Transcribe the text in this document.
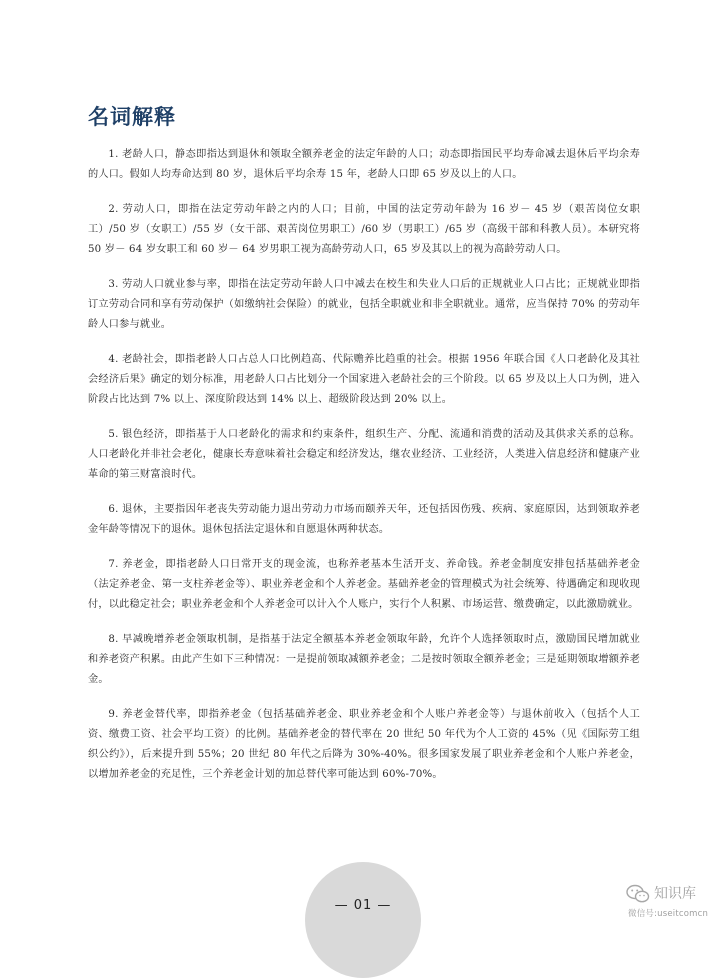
名词解释

1. 老龄人口，静态即指达到退休和领取全额养老金的法定年龄的人口；动态即指国民平均寿命减去退休后平均余寿的人口。假如人均寿命达到 80 岁，退休后平均余寿 15 年，老龄人口即 65 岁及以上的人口。

2. 劳动人口，即指在法定劳动年龄之内的人口；目前，中国的法定劳动年龄为 16 岁－ 45 岁（艰苦岗位女职工）/50 岁（女职工）/55 岁（女干部、艰苦岗位男职工）/60 岁（男职工）/65 岁（高级干部和科教人员）。本研究将 50 岁－ 64 岁女职工和 60 岁－ 64 岁男职工视为高龄劳动人口，65 岁及其以上的视为高龄劳动人口。

3. 劳动人口就业参与率，即指在法定劳动年龄人口中减去在校生和失业人口后的正规就业人口占比；正规就业即指订立劳动合同和享有劳动保护（如缴纳社会保险）的就业，包括全职就业和非全职就业。通常，应当保持 70% 的劳动年龄人口参与就业。

4. 老龄社会，即指老龄人口占总人口比例趋高、代际赡养比趋重的社会。根据 1956 年联合国《人口老龄化及其社会经济后果》确定的划分标准，用老龄人口占比划分一个国家进入老龄社会的三个阶段。以 65 岁及以上人口为例，进入阶段占比达到 7% 以上、深度阶段达到 14% 以上、超级阶段达到 20% 以上。

5. 银色经济，即指基于人口老龄化的需求和约束条件，组织生产、分配、流通和消费的活动及其供求关系的总称。人口老龄化并非社会老化，健康长寿意味着社会稳定和经济发达，继农业经济、工业经济，人类进入信息经济和健康产业革命的第三财富浪时代。

6. 退休，主要指因年老丧失劳动能力退出劳动力市场而颐养天年，还包括因伤残、疾病、家庭原因，达到领取养老金年龄等情况下的退休。退休包括法定退休和自愿退休两种状态。

7. 养老金，即指老龄人口日常开支的现金流，也称养老基本生活开支、养命钱。养老金制度安排包括基础养老金（法定养老金、第一支柱养老金等）、职业养老金和个人养老金。基础养老金的管理模式为社会统筹、待遇确定和现收现付，以此稳定社会；职业养老金和个人养老金可以计入个人账户，实行个人积累、市场运营、缴费确定，以此激励就业。

8. 早减晚增养老金领取机制，是指基于法定全额基本养老金领取年龄，允许个人选择领取时点，激励国民增加就业和养老资产积累。由此产生如下三种情况：一是提前领取减额养老金；二是按时领取全额养老金；三是延期领取增额养老金。

9. 养老金替代率，即指养老金（包括基础养老金、职业养老金和个人账户养老金等）与退休前收入（包括个人工资、缴费工资、社会平均工资）的比例。基础养老金的替代率在 20 世纪 50 年代为个人工资的 45%（见《国际劳工组织公约》），后来提升到 55%；20 世纪 80 年代之后降为 30%-40%。很多国家发展了职业养老金和个人账户养老金，以增加养老金的充足性，三个养老金计划的加总替代率可能达到 60%-70%。

— 01 —
知识库
微信号:useitcomcn
